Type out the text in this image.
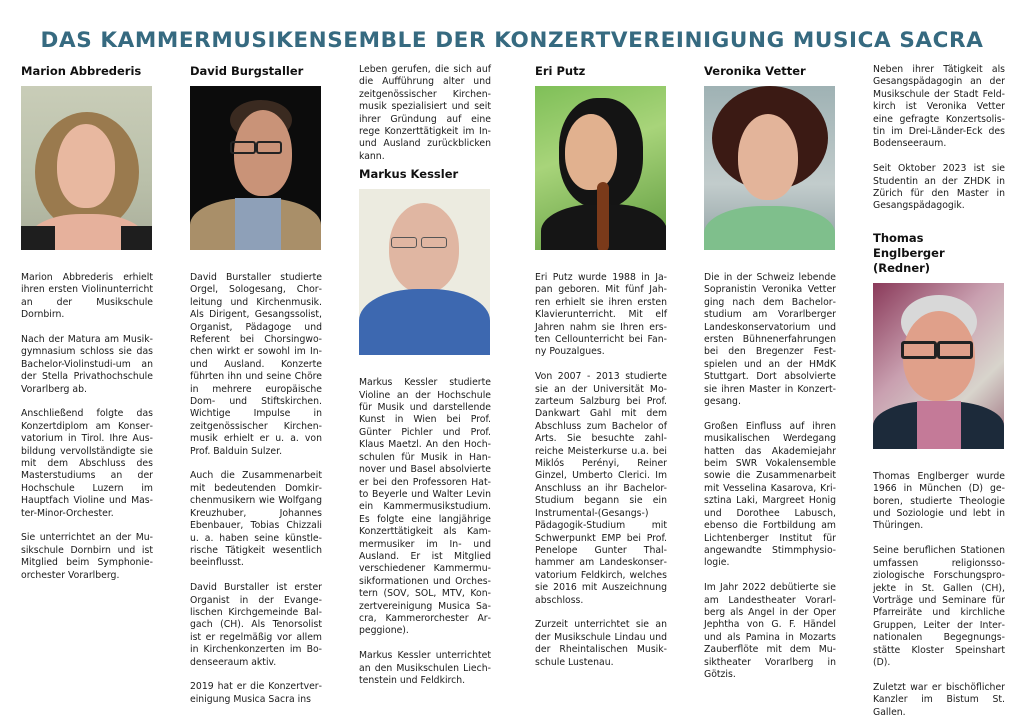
DAS KAMMERMUSIKENSEMBLE DER KONZERTVEREINIGUNG MUSICA SACRA
Marion Abbrederis

Marion Abbrederis erhielt ihren ersten Violinunterricht an der Musikschule Dornbirn.

Nach der Matura am Musikgymnasium schloss sie das Bachelor-Violinstudi-um an der Stella Privathochschule Vorarlberg ab.

Anschließend folgte das Konzertdiplom am Konservatorium in Tirol. Ihre Ausbildung vervollständigte sie mit dem Abschluss des Masterstudiums an der Hochschule Luzern im Hauptfach Violine und Master-Minor-Orchester.

Sie unterrichtet an der Musikschule Dornbirn und ist Mitglied beim Symphonieorchester Vorarlberg.

David Burgstaller

David Burstaller studierte Orgel, Sologesang, Chorleitung und Kirchenmusik. Als Dirigent, Gesangssolist, Organist, Pädagoge und Referent bei Chorsingwochen wirkt er sowohl im In- und Ausland. Konzerte führten ihn und seine Chöre in mehrere europäische Dom- und Stiftskirchen. Wichtige Impulse in zeitgenössischer Kirchenmusik erhielt er u. a. von Prof. Balduin Sulzer.

Auch die Zusammenarbeit mit bedeutenden Domkirchenmusikern wie Wolfgang Kreuzhuber, Johannes Ebenbauer, Tobias Chizzali u. a. haben seine künstlerische Tätigkeit wesentlich beeinflusst.

David Burstaller ist erster Organist in der Evangelischen Kirchgemeinde Balgach (CH). Als Tenorsolist ist er regelmäßig vor allem in Kirchenkonzerten im Bodenseeraum aktiv.

2019 hat er die Konzertvereinigung Musica Sacra ins

Leben gerufen, die sich auf die Aufführung alter und zeitgenössischer Kirchenmusik spezialisiert und seit ihrer Gründung auf eine rege Konzerttätigkeit im In- und Ausland zurückblicken kann.

Markus Kessler

Markus Kessler studierte Violine an der Hochschule für Musik und darstellende Kunst in Wien bei Prof. Günter Pichler und Prof. Klaus Maetzl. An den Hochschulen für Musik in Hannover und Basel absolvierte er bei den Professoren Hatto Beyerle und Walter Levin ein Kammermusikstudium. Es folgte eine langjährige Konzerttätigkeit als Kammermusiker im In- und Ausland. Er ist Mitglied verschiedener Kammermusikformationen und Orchestern (SOV, SOL, MTV, Konzertvereinigung Musica Sacra, Kammerorchester Arpeggione).

Markus Kessler unterrichtet an den Musikschulen Liechtenstein und Feldkirch.

Eri Putz

Eri Putz wurde 1988 in Japan geboren. Mit fünf Jahren erhielt sie ihren ersten Klavierunterricht. Mit elf Jahren nahm sie Ihren ersten Cellounterricht bei Fanny Pouzalgues.

Von 2007 - 2013 studierte sie an der Universität Mozarteum Salzburg bei Prof. Dankwart Gahl mit dem Abschluss zum Bachelor of Arts. Sie besuchte zahlreiche Meisterkurse u.a. bei Miklós Perényi, Reiner Ginzel, Umberto Clerici. Im Anschluss an ihr Bachelor-Studium begann sie ein Instrumental-(Gesangs-) Pädagogik-Studium mit Schwerpunkt EMP bei Prof. Penelope Gunter Thalhammer am Landeskonservatorium Feldkirch, welches sie 2016 mit Auszeichnung abschloss.

Zurzeit unterrichtet sie an der Musikschule Lindau und der Rheintalischen Musikschule Lustenau.

Veronika Vetter

Die in der Schweiz lebende Sopranistin Veronika Vetter ging nach dem Bachelorstudium am Vorarlberger Landeskonservatorium und ersten Bühnenerfahrungen bei den Bregenzer Festspielen und an der HMdK Stuttgart. Dort absolvierte sie ihren Master in Konzertgesang.

Großen Einfluss auf ihren musikalischen Werdegang hatten das Akademiejahr beim SWR Vokalensemble sowie die Zusammenarbeit mit Vesselina Kasarova, Krisztina Laki, Margreet Honig und Dorothee Labusch, ebenso die Fortbildung am Lichtenberger Institut für angewandte Stimmphysiologie.

Im Jahr 2022 debütierte sie am Landestheater Vorarlberg als Angel in der Oper Jephtha von G. F. Händel und als Pamina in Mozarts Zauberflöte mit dem Musiktheater Vorarlberg in Götzis.

Neben ihrer Tätigkeit als Gesangspädagogin an der Musikschule der Stadt Feldkirch ist Veronika Vetter eine gefragte Konzertsolistin im Drei-Länder-Eck des Bodenseeraum.

Seit Oktober 2023 ist sie Studentin an der ZHDK in Zürich für den Master in Gesangspädagogik.

Thomas Englberger (Redner)

Thomas Englberger wurde 1966 in München (D) geboren, studierte Theologie und Soziologie und lebt in Thüringen.

Seine beruflichen Stationen umfassen religionssoziologische Forschungsprojekte in St. Gallen (CH), Vorträge und Seminare für Pfarreiräte und kirchliche Gruppen, Leiter der Internationalen Begegnungsstätte Kloster Speinshart (D).

Zuletzt war er bischöflicher Kanzler im Bistum St. Gallen.
